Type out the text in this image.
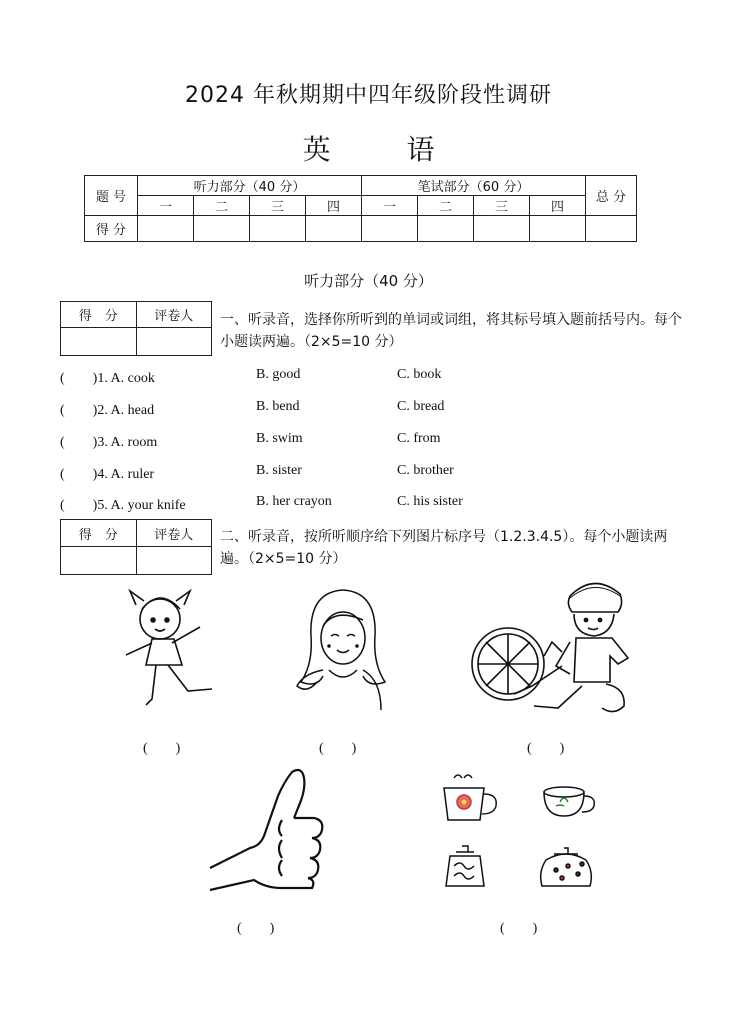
2024 年秋期期中四年级阶段性调研
英　语
题 号	听力部分（40 分）				笔试部分（60 分）				总 分
	一	二	三	四	一	二	三	四	
得 分									
听力部分（40 分）
得　分	评卷人
	一、听录音，选择你所听到的单词或词组，将其标号填入题前括号内。每个小题读两遍。（2×5=10 分）
(　　)1. A. cook	B. good	C. book
(　　)2. A. head	B. bend	C. bread
(　　)3. A. room	B. swim	C. from
(　　)4. A. ruler	B. sister	C. brother
(　　)5. A. your knife	B. her crayon	C. his sister
得　分	评卷人
	二、听录音，按所听顺序给下列图片标序号（1.2.3.4.5）。每个小题读两遍。（2×5=10 分）
(　　)	(　　)	(　　)
(　　)	(　　)
